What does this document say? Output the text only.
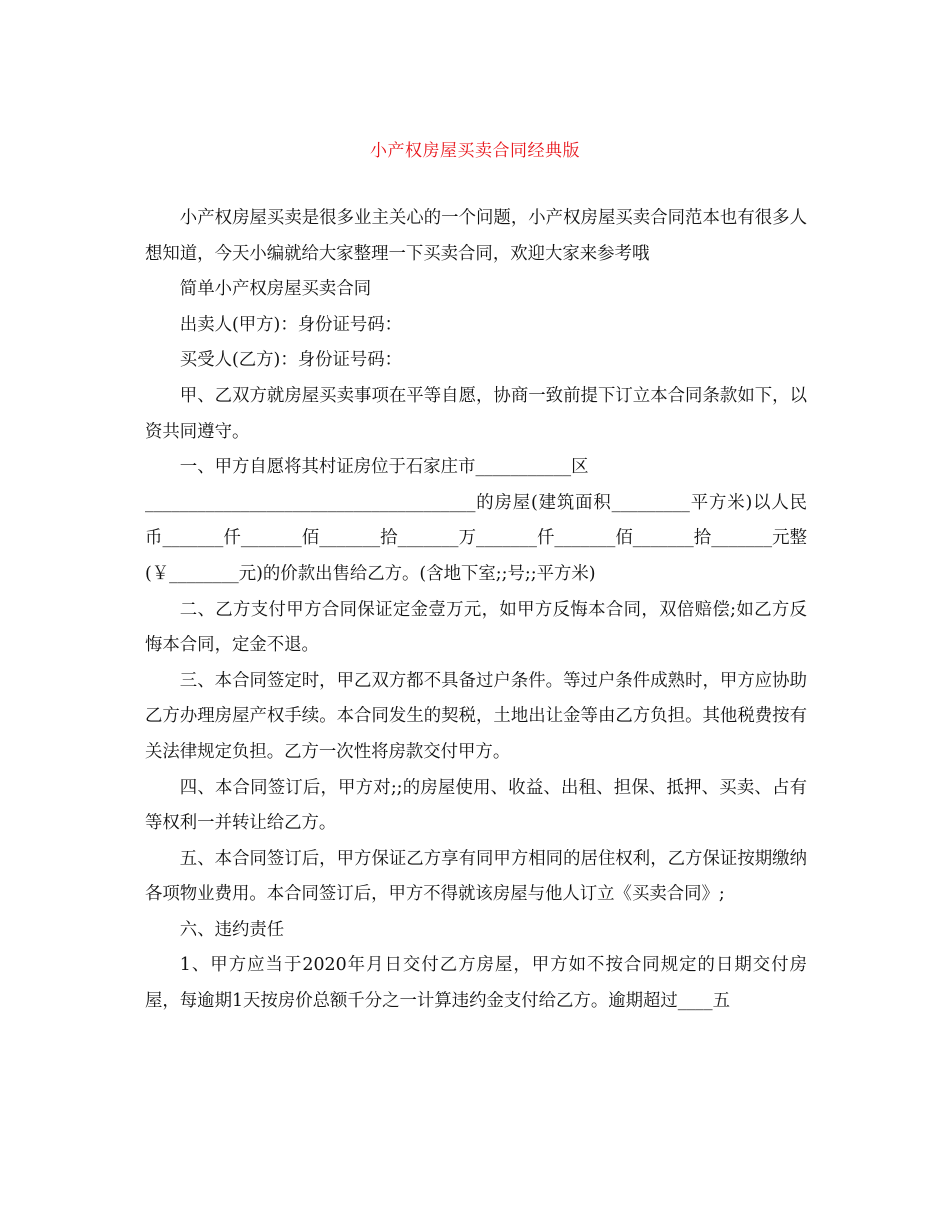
小产权房屋买卖合同经典版

小产权房屋买卖是很多业主关心的一个问题，小产权房屋买卖合同范本也有很多人想知道，今天小编就给大家整理一下买卖合同，欢迎大家来参考哦

简单小产权房屋买卖合同

出卖人(甲方)：身份证号码：

买受人(乙方)：身份证号码：

甲、乙双方就房屋买卖事项在平等自愿，协商一致前提下订立本合同条款如下，以资共同遵守。

一、甲方自愿将其村证房位于石家庄市___________区

______________________________________的房屋(建筑面积_________平方米)以人民币_______仟_______佰_______拾_______万_______仟_______佰_______拾_______元整(￥________元)的价款出售给乙方。(含地下室;;号;;平方米)

二、乙方支付甲方合同保证定金壹万元，如甲方反悔本合同，双倍赔偿;如乙方反悔本合同，定金不退。

三、本合同签定时，甲乙双方都不具备过户条件。等过户条件成熟时，甲方应协助乙方办理房屋产权手续。本合同发生的契税，土地出让金等由乙方负担。其他税费按有关法律规定负担。乙方一次性将房款交付甲方。

四、本合同签订后，甲方对;;的房屋使用、收益、出租、担保、抵押、买卖、占有等权利一并转让给乙方。

五、本合同签订后，甲方保证乙方享有同甲方相同的居住权利，乙方保证按期缴纳各项物业费用。本合同签订后，甲方不得就该房屋与他人订立《买卖合同》;

六、违约责任

1、甲方应当于2020年月日交付乙方房屋，甲方如不按合同规定的日期交付房屋，每逾期1天按房价总额千分之一计算违约金支付给乙方。逾期超过____五
